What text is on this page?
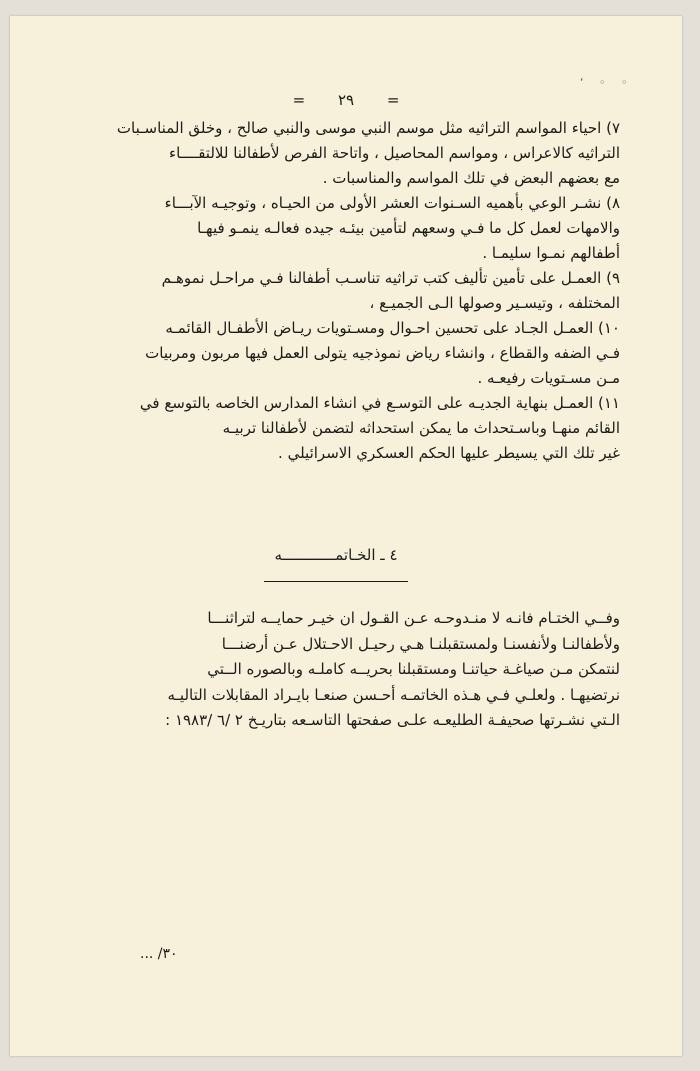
‘ ◦ ◦
= ٢٩ =

٧) احياء المواسم التراثيه مثل موسم النبي موسى والنبي صالح ، وخلق المناسـبات
التراثيه كالاعراس ، ومواسم المحاصيل ، واتاحة الفرص لأطفالنا للالتقــــاء
مع بعضهم البعض في تلك المواسم والمناسبات .

٨) نشـر الوعي بأهميه السـنوات العشر الأولى من الحيـاه ، وتوجيـه الآبـــاء
والامهات لعمل كل ما فـي وسعهم لتأمين بيئـه جيده فعالـه ينمـو فيهـا
أطفالهم نمـوا سليمـا .

٩) العمـل على تأمين تأليف كتب تراثيه تناسـب أطفالنا فـي مراحـل نموهـم
المختلفه ، وتيسـير وصولها الـى الجميـع ،

١٠) العمـل الجـاد على تحسين احـوال ومسـتويات ريـاض الأطفـال القائمـه
فـي الضفه والقطاع ، وانشاء رياض نموذجيه يتولى العمل فيها مربون ومربيات
مـن مسـتويات رفيعـه .

١١) العمـل بنهاية الجديـه على التوسـع في انشاء المدارس الخاصه بالتوسع في
القائم منهـا وباسـتحداث ما يمكن استحداثه لتضمن لأطفالنا تربيـه
غير تلك التي يسيطر عليها الحكم العسكري الاسرائيلي .

٤ ـ الخـاتمــــــــــــه
وفــي الختـام فانـه لا منـدوحـه عـن القـول ان خيـر حمايــه لتراثنـــا
ولأطفالنـا ولأنفسنـا ولمستقبلنـا هـي رحيـل الاحـتلال عـن أرضنـــا
لنتمكن مـن صياغـة حياتنـا ومستقبلنا بحريــه كاملـه وبالصوره الــتي
نرتضيهـا . ولعلـي فـي هـذه الخاتمـه أحـسن صنعـا بايـراد المقابلات التاليـه
الـتي نشـرتها صحيفـة الطليعـه علـى صفحتها التاسـعه بتاريـخ ٢ /٦ /١٩٨٣ :
٣٠/ ...
